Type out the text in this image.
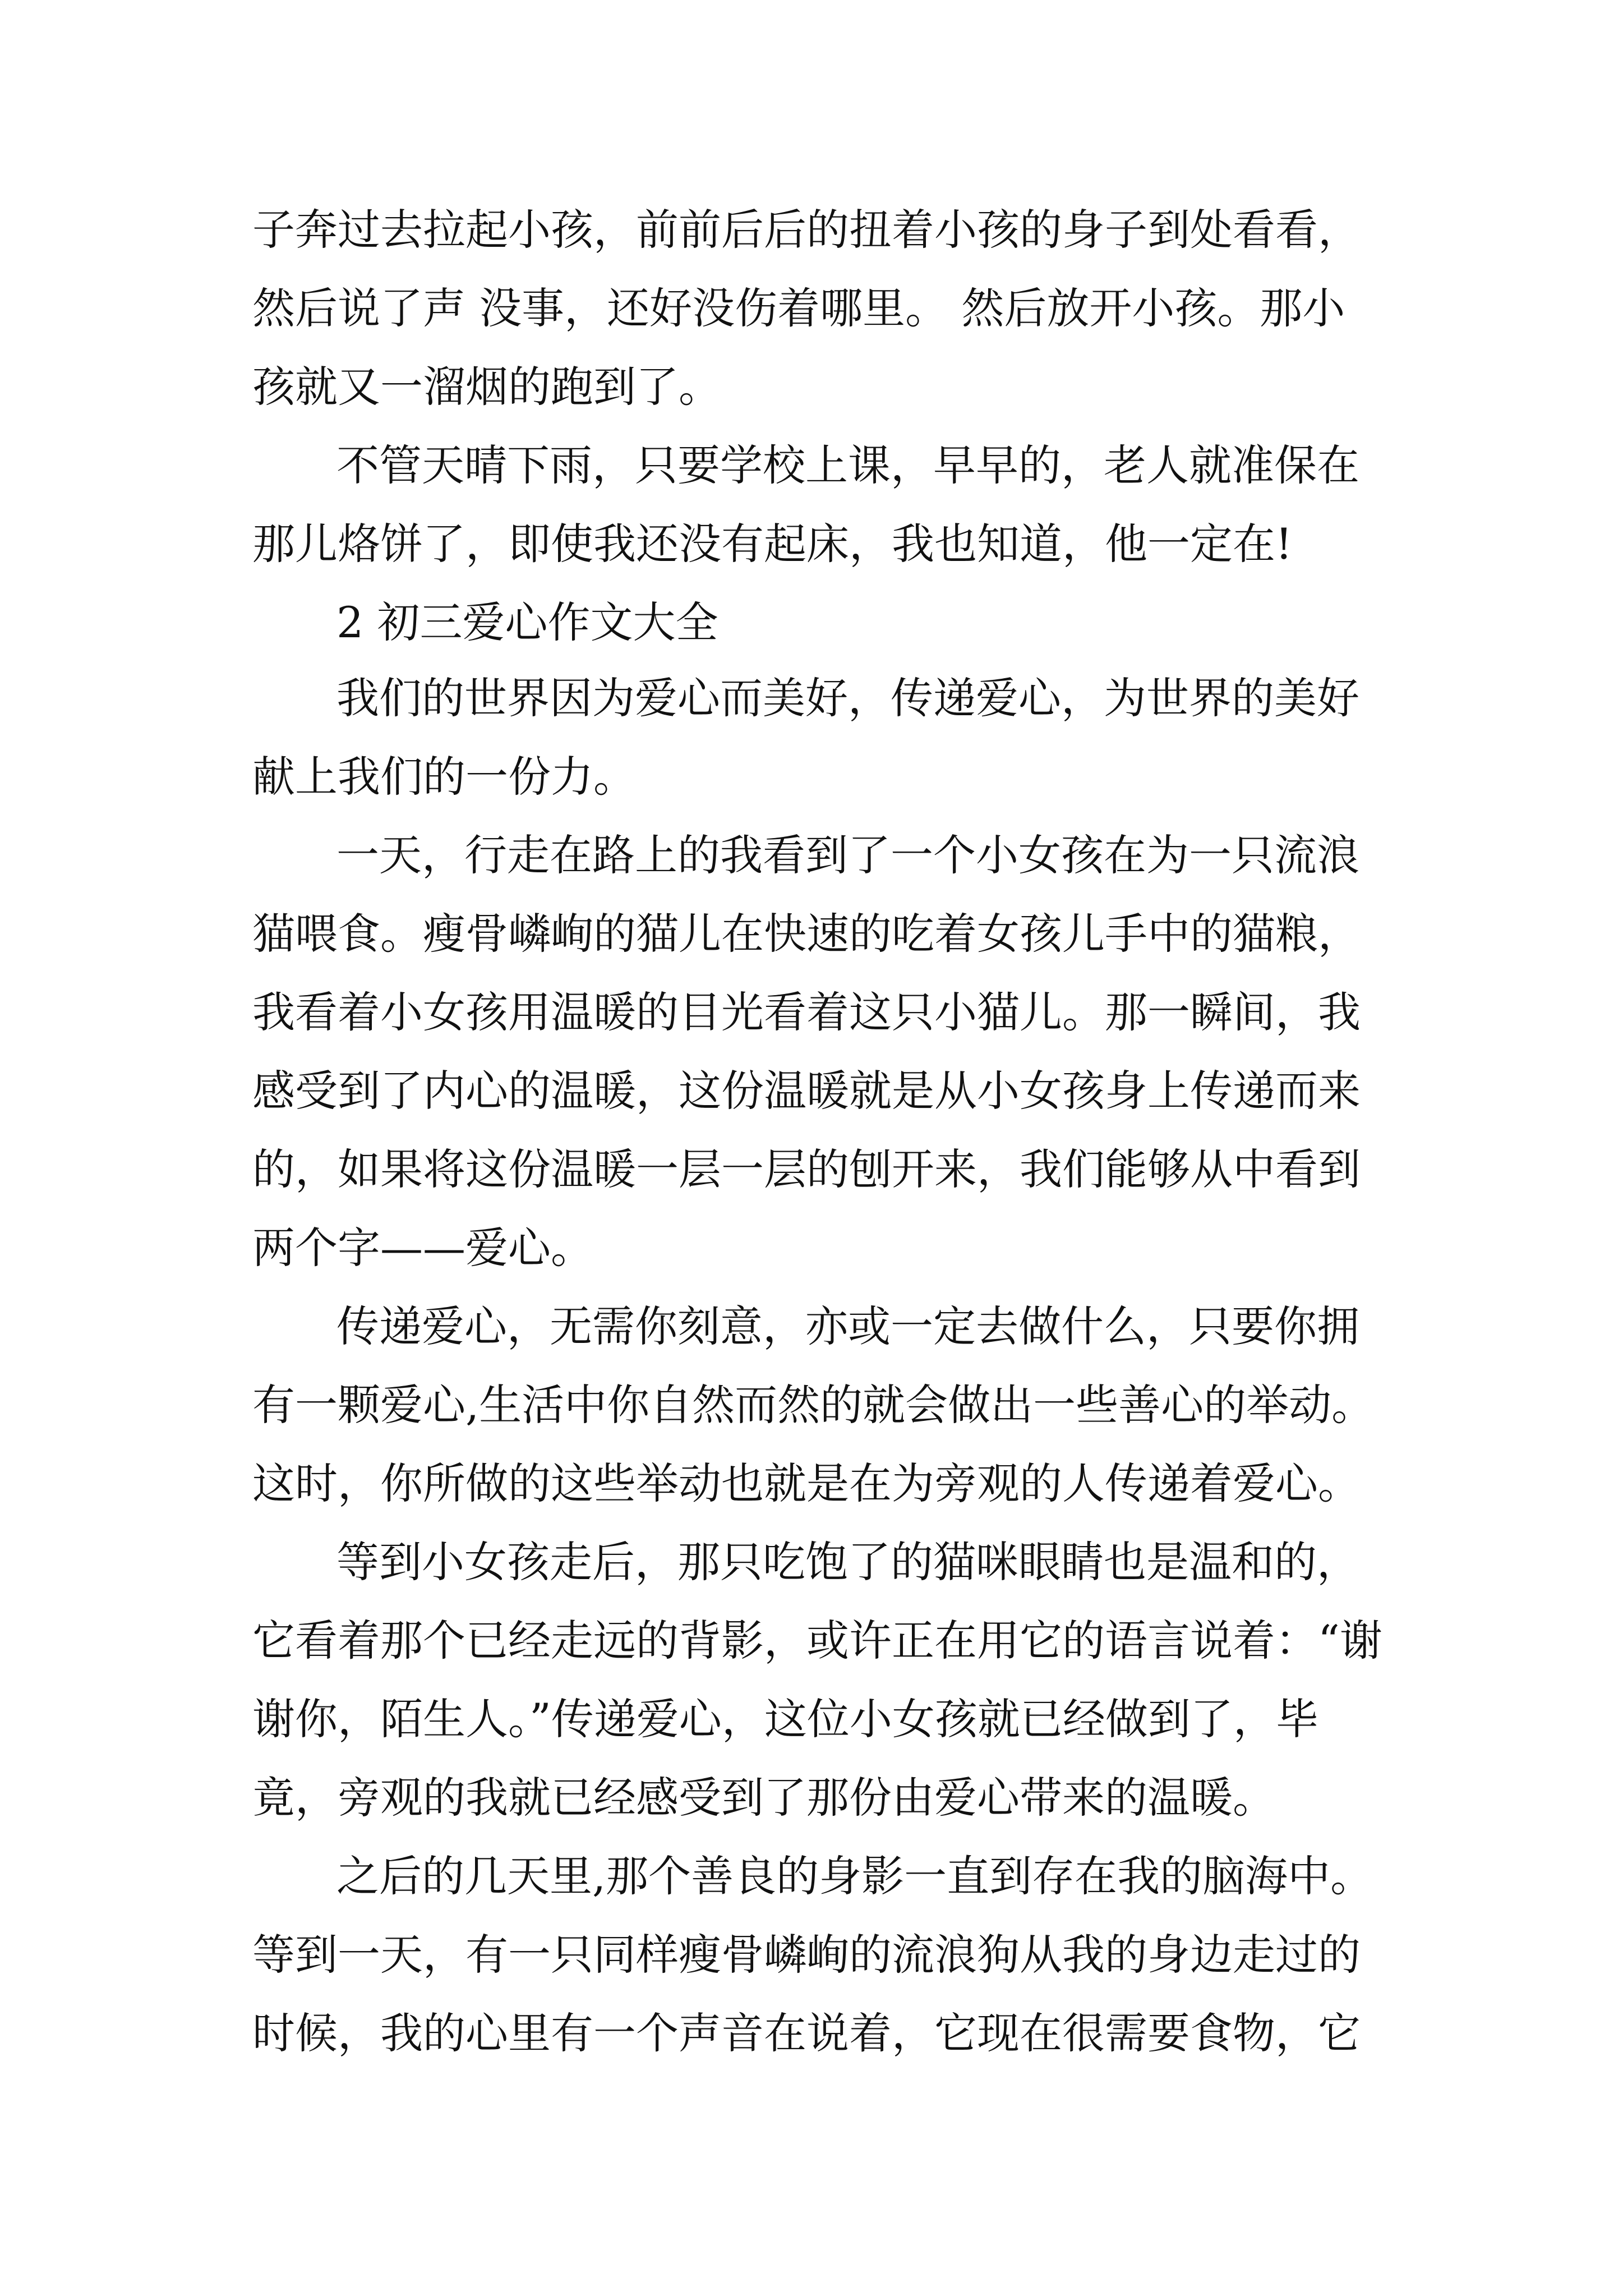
子奔过去拉起小孩，前前后后的扭着小孩的身子到处看看，
然后说了声 没事，还好没伤着哪里。 然后放开小孩。那小
孩就又一溜烟的跑到了。
不管天晴下雨，只要学校上课，早早的，老人就准保在
那儿烙饼了，即使我还没有起床，我也知道，他一定在!
2 初三爱心作文大全
我们的世界因为爱心而美好，传递爱心，为世界的美好
献上我们的一份力。
一天，行走在路上的我看到了一个小女孩在为一只流浪
猫喂食。瘦骨嶙峋的猫儿在快速的吃着女孩儿手中的猫粮，
我看着小女孩用温暖的目光看着这只小猫儿。那一瞬间，我
感受到了内心的温暖，这份温暖就是从小女孩身上传递而来
的，如果将这份温暖一层一层的刨开来，我们能够从中看到
两个字——爱心。
传递爱心，无需你刻意，亦或一定去做什么，只要你拥
有一颗爱心,生活中你自然而然的就会做出一些善心的举动。
这时，你所做的这些举动也就是在为旁观的人传递着爱心。
等到小女孩走后，那只吃饱了的猫咪眼睛也是温和的，
它看着那个已经走远的背影，或许正在用它的语言说着：“谢
谢你，陌生人。”传递爱心，这位小女孩就已经做到了，毕
竟，旁观的我就已经感受到了那份由爱心带来的温暖。
之后的几天里,那个善良的身影一直到存在我的脑海中。
等到一天，有一只同样瘦骨嶙峋的流浪狗从我的身边走过的
时候，我的心里有一个声音在说着，它现在很需要食物，它
